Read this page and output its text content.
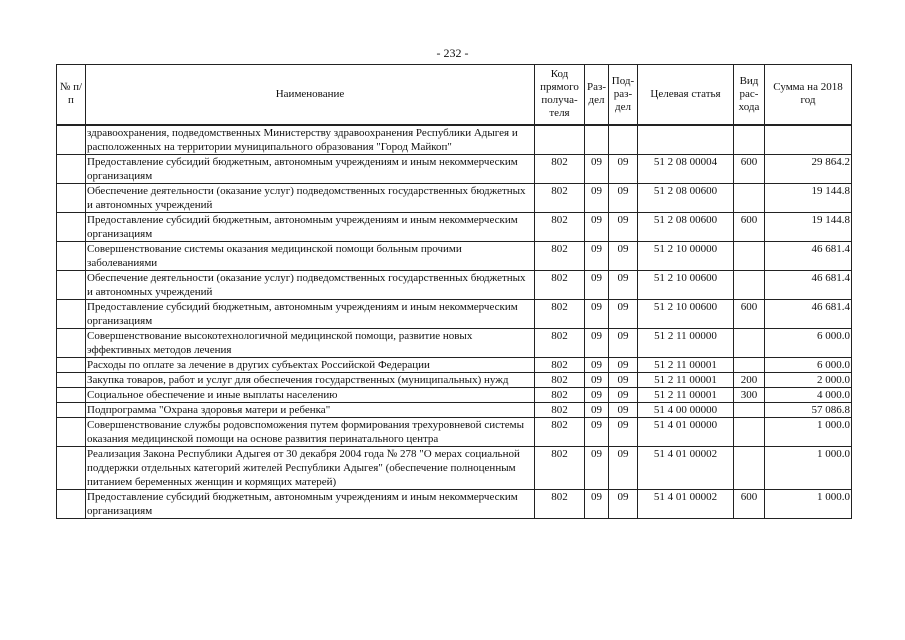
- 232 -
№ п/п	Наименование	Код прямого получа-теля	Раз-дел	Под-раз-дел	Целевая статья	Вид рас-хода	Сумма на 2018 год
	здравоохранения, подведомственных Министерству здравоохранения Республики Адыгея и расположенных на территории муниципального образования "Город Майкоп"						
	Предоставление субсидий бюджетным, автономным учреждениям и иным некоммерческим организациям	802	09	09	51 2 08 00004	600	29 864.2
	Обеспечение деятельности (оказание услуг) подведомственных государственных бюджетных и автономных учреждений	802	09	09	51 2 08 00600		19 144.8
	Предоставление субсидий бюджетным, автономным учреждениям и иным некоммерческим организациям	802	09	09	51 2 08 00600	600	19 144.8
	Совершенствование системы оказания медицинской помощи больным прочими заболеваниями	802	09	09	51 2 10 00000		46 681.4
	Обеспечение деятельности (оказание услуг) подведомственных государственных бюджетных и автономных учреждений	802	09	09	51 2 10 00600		46 681.4
	Предоставление субсидий бюджетным, автономным учреждениям и иным некоммерческим организациям	802	09	09	51 2 10 00600	600	46 681.4
	Совершенствование высокотехнологичной медицинской помощи, развитие новых эффективных методов лечения	802	09	09	51 2 11 00000		6 000.0
	Расходы по оплате за лечение в других субъектах Российской Федерации	802	09	09	51 2 11 00001		6 000.0
	Закупка товаров, работ и услуг для обеспечения государственных (муниципальных) нужд	802	09	09	51 2 11 00001	200	2 000.0
	Социальное обеспечение и иные выплаты населению	802	09	09	51 2 11 00001	300	4 000.0
	Подпрограмма "Охрана здоровья матери и ребенка"	802	09	09	51 4 00 00000		57 086.8
	Совершенствование службы родовспоможения путем формирования трехуровневой системы оказания медицинской помощи на основе развития перинатального центра	802	09	09	51 4 01 00000		1 000.0
	Реализация Закона Республики Адыгея от 30 декабря 2004 года № 278 "О мерах социальной поддержки отдельных категорий жителей Республики Адыгея" (обеспечение полноценным питанием беременных женщин и кормящих матерей)	802	09	09	51 4 01 00002		1 000.0
	Предоставление субсидий бюджетным, автономным учреждениям и иным некоммерческим организациям	802	09	09	51 4 01 00002	600	1 000.0
